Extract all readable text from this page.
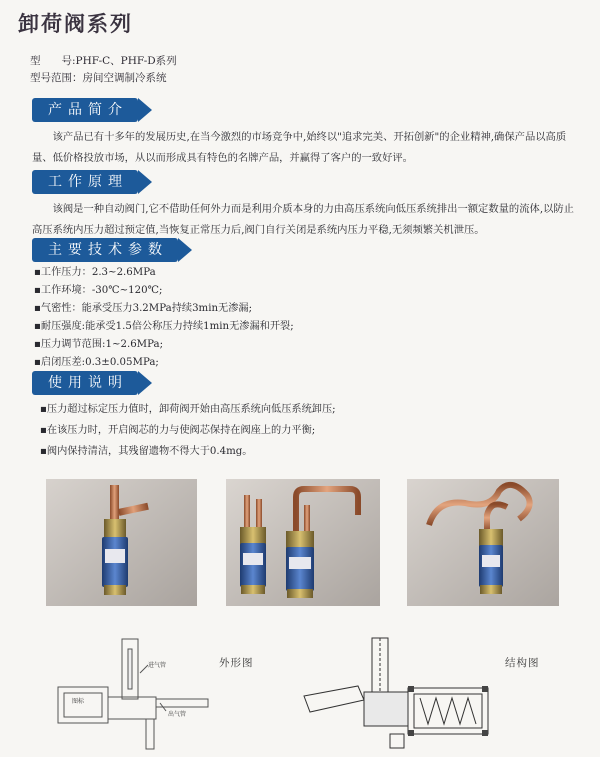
卸荷阀系列
型　　号:PHF-C、PHF-D系列
型号范围：房间空调制冷系统
产品简介
该产品已有十多年的发展历史,在当今激烈的市场竞争中,始终以"追求完美、开拓创新"的企业精神,确保产品以高质量、低价格投放市场，从以而形成具有特色的名牌产品，并赢得了客户的一致好评。
工作原理
该阀是一种自动阀门,它不借助任何外力而是利用介质本身的力由高压系统向低压系统排出一额定数量的流体,以防止高压系统内压力超过预定值,当恢复正常压力后,阀门自行关闭是系统内压力平稳,无须频繁关机泄压。
主要技术参数
▪工作压力：2.3~2.6MPa
▪工作环境：-30℃~120℃;
▪气密性：能承受压力3.2MPa持续3min无渗漏;
▪耐压强度:能承受1.5倍公称压力持续1min无渗漏和开裂;
▪压力调节范围:1~2.6MPa;
▪启闭压差:0.3±0.05MPa;
使用说明
▪压力超过标定压力值时，卸荷阀开始由高压系统向低压系统卸压;
▪在该压力时，开启阀芯的力与使阀芯保持在阀座上的力平衡;
▪阀内保持清洁，其残留遗物不得大于0.4mg。
图标
进气管
出气管
外形图	结构图
